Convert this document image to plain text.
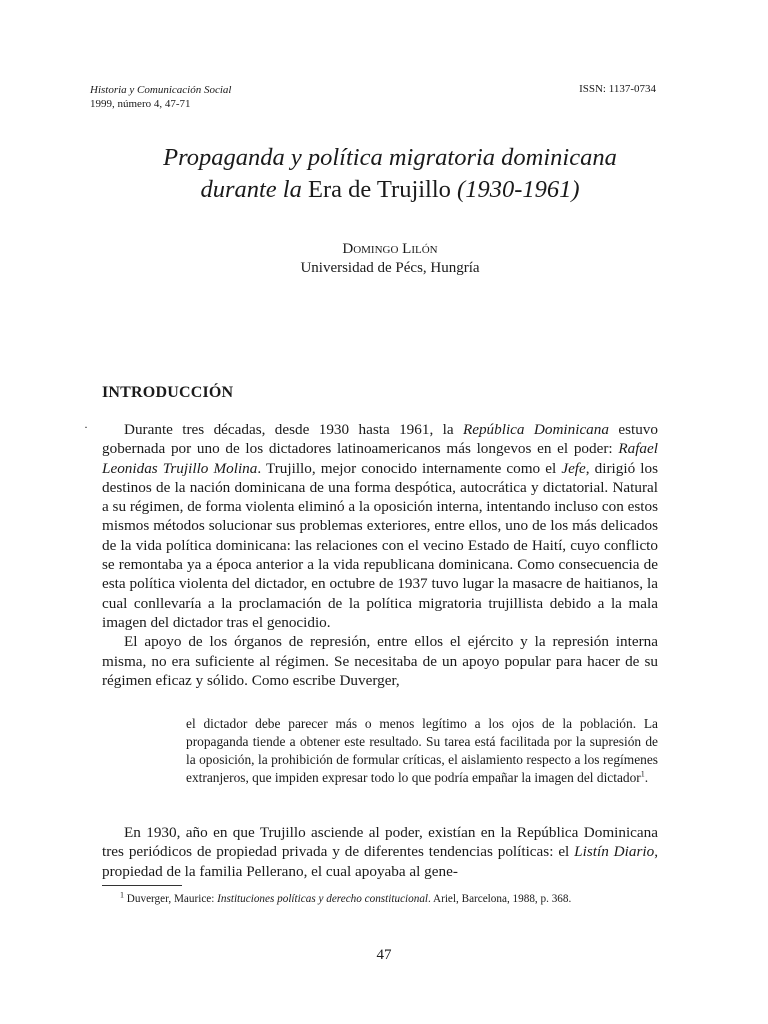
Historia y Comunicación Social
1999, número 4, 47-71
ISSN: 1137-0734
Propaganda y política migratoria dominicana
durante la Era de Trujillo (1930-1961)
Domingo Lilón
Universidad de Pécs, Hungría
INTRODUCCIÓN
·	Durante tres décadas, desde 1930 hasta 1961, la República Dominicana estuvo gobernada por uno de los dictadores latinoamericanos más longevos en el poder: Rafael Leonidas Trujillo Molina. Trujillo, mejor conocido internamente como el Jefe, dirigió los destinos de la nación dominicana de una forma despótica, autocrática y dictatorial. Natural a su régimen, de forma violenta eliminó a la oposición interna, intentando incluso con estos mismos métodos solucionar sus problemas exteriores, entre ellos, uno de los más delicados de la vida política dominicana: las relaciones con el vecino Estado de Haití, cuyo conflicto se remontaba ya a época anterior a la vida republicana dominicana. Como consecuencia de esta política violenta del dictador, en octubre de 1937 tuvo lugar la masacre de haitianos, la cual conllevaría a la proclamación de la política migratoria trujillista debido a la mala imagen del dictador tras el genocidio.

El apoyo de los órganos de represión, entre ellos el ejército y la represión interna misma, no era suficiente al régimen. Se necesitaba de un apoyo popular para hacer de su régimen eficaz y sólido. Como escribe Duverger,

el dictador debe parecer más o menos legítimo a los ojos de la población. La propaganda tiende a obtener este resultado. Su tarea está facilitada por la supresión de la oposición, la prohibición de formular críticas, el aislamiento respecto a los regímenes extranjeros, que impiden expresar todo lo que podría empañar la imagen del dictador$^1$.

En 1930, año en que Trujillo asciende al poder, existían en la República Dominicana tres periódicos de propiedad privada y de diferentes tendencias políticas: el Listín Diario, propiedad de la familia Pellerano, el cual apoyaba al gene-

$^1$ Duverger, Maurice: Instituciones políticas y derecho constitucional. Ariel, Barcelona, 1988, p. 368.

47
